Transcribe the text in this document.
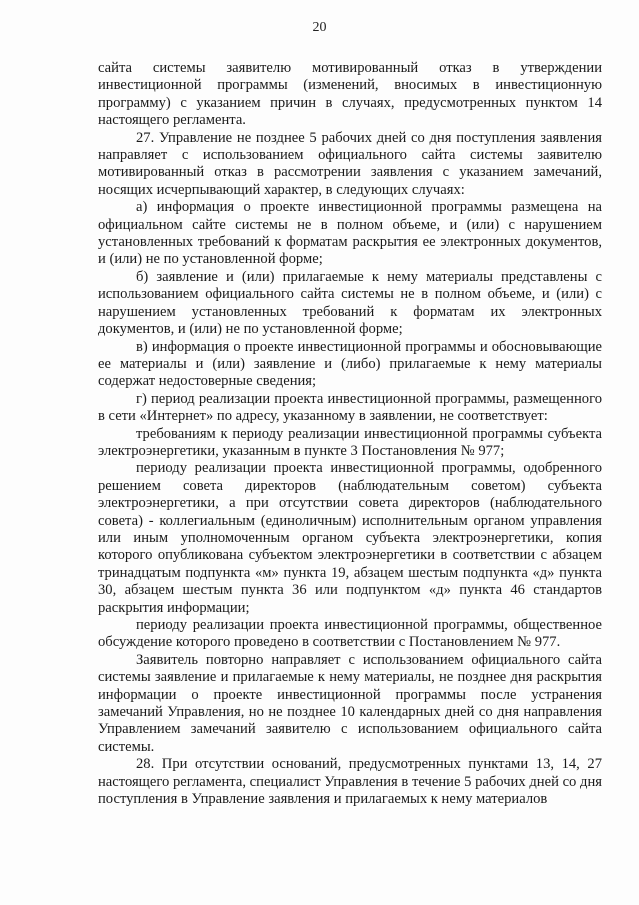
20

сайта системы заявителю мотивированный отказ в утверждении инвестиционной программы (изменений, вносимых в инвестиционную программу) с указанием причин в случаях, предусмотренных пунктом 14 настоящего регламента.

27. Управление не позднее 5 рабочих дней со дня поступления заявления направляет с использованием официального сайта системы заявителю мотивированный отказ в рассмотрении заявления с указанием замечаний, носящих исчерпывающий характер, в следующих случаях:

а) информация о проекте инвестиционной программы размещена на официальном сайте системы не в полном объеме, и (или) с нарушением установленных требований к форматам раскрытия ее электронных документов, и (или) не по установленной форме;

б) заявление и (или) прилагаемые к нему материалы представлены с использованием официального сайта системы не в полном объеме, и (или) с нарушением установленных требований к форматам их электронных документов, и (или) не по установленной форме;

в) информация о проекте инвестиционной программы и обосновывающие ее материалы и (или) заявление и (либо) прилагаемые к нему материалы содержат недостоверные сведения;

г) период реализации проекта инвестиционной программы, размещенного в сети «Интернет» по адресу, указанному в заявлении, не соответствует:

требованиям к периоду реализации инвестиционной программы субъекта электроэнергетики, указанным в пункте 3 Постановления № 977;

периоду реализации проекта инвестиционной программы, одобренного решением совета директоров (наблюдательным советом) субъекта электроэнергетики, а при отсутствии совета директоров (наблюдательного совета) - коллегиальным (единоличным) исполнительным органом управления или иным уполномоченным органом субъекта электроэнергетики, копия которого опубликована субъектом электроэнергетики в соответствии с абзацем тринадцатым подпункта «м» пункта 19, абзацем шестым подпункта «д» пункта 30, абзацем шестым пункта 36 или подпунктом «д» пункта 46 стандартов раскрытия информации;

периоду реализации проекта инвестиционной программы, общественное обсуждение которого проведено в соответствии с Постановлением № 977.

Заявитель повторно направляет с использованием официального сайта системы заявление и прилагаемые к нему материалы, не позднее дня раскрытия информации о проекте инвестиционной программы после устранения замечаний Управления, но не позднее 10 календарных дней со дня направления Управлением замечаний заявителю с использованием официального сайта системы.

28. При отсутствии оснований, предусмотренных пунктами 13, 14, 27 настоящего регламента, специалист Управления в течение 5 рабочих дней со дня поступления в Управление заявления и прилагаемых к нему материалов
